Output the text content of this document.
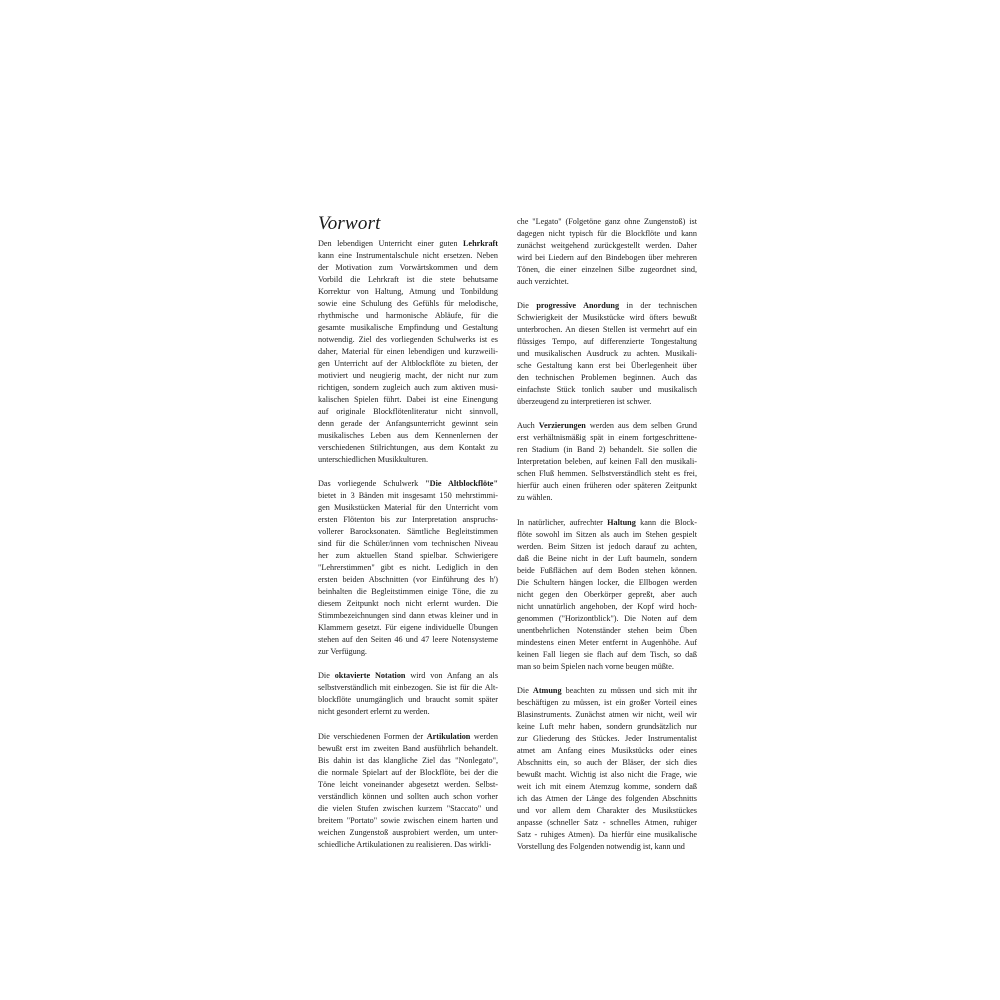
Vorwort
Den lebendigen Unterricht einer guten Lehrkraft
kann eine Instrumentalschule nicht ersetzen. Neben
der Motivation zum Vorwärtskommen und dem
Vorbild die Lehrkraft ist die stete behutsame
Korrektur von Haltung, Atmung und Tonbildung
sowie eine Schulung des Gefühls für melodische,
rhythmische und harmonische Abläufe, für die
gesamte musikalische Empfindung und Gestaltung
notwendig. Ziel des vorliegenden Schulwerks ist es
daher, Material für einen lebendigen und kurzweili-
gen Unterricht auf der Altblockflöte zu bieten, der
motiviert und neugierig macht, der nicht nur zum
richtigen, sondern zugleich auch zum aktiven musi-
kalischen Spielen führt. Dabei ist eine Einengung
auf originale Blockflötenliteratur nicht sinnvoll,
denn gerade der Anfangsunterricht gewinnt sein
musikalisches Leben aus dem Kennenlernen der
verschiedenen Stilrichtungen, aus dem Kontakt zu
unterschiedlichen Musikkulturen.
Das vorliegende Schulwerk "Die Altblockflöte"
bietet in 3 Bänden mit insgesamt 150 mehrstimmi-
gen Musikstücken Material für den Unterricht vom
ersten Flötenton bis zur Interpretation anspruchs-
vollerer Barocksonaten. Sämtliche Begleitstimmen
sind für die Schüler/innen vom technischen Niveau
her zum aktuellen Stand spielbar. Schwierigere
"Lehrerstimmen" gibt es nicht. Lediglich in den
ersten beiden Abschnitten (vor Einführung des h')
beinhalten die Begleitstimmen einige Töne, die zu
diesem Zeitpunkt noch nicht erlernt wurden. Die
Stimmbezeichnungen sind dann etwas kleiner und in
Klammern gesetzt. Für eigene individuelle Übungen
stehen auf den Seiten 46 und 47 leere Notensysteme
zur Verfügung.
Die oktavierte Notation wird von Anfang an als
selbstverständlich mit einbezogen. Sie ist für die Alt-
blockflöte unumgänglich und braucht somit später
nicht gesondert erlernt zu werden.
Die verschiedenen Formen der Artikulation werden
bewußt erst im zweiten Band ausführlich behandelt.
Bis dahin ist das klangliche Ziel das "Nonlegato",
die normale Spielart auf der Blockflöte, bei der die
Töne leicht voneinander abgesetzt werden. Selbst-
verständlich können und sollten auch schon vorher
die vielen Stufen zwischen kurzem "Staccato" und
breitem "Portato" sowie zwischen einem harten und
weichen Zungenstoß ausprobiert werden, um unter-
schiedliche Artikulationen zu realisieren. Das wirkli-
che "Legato" (Folgetöne ganz ohne Zungenstoß) ist
dagegen nicht typisch für die Blockflöte und kann
zunächst weitgehend zurückgestellt werden. Daher
wird bei Liedern auf den Bindebogen über mehreren
Tönen, die einer einzelnen Silbe zugeordnet sind,
auch verzichtet.
Die progressive Anordung in der technischen
Schwierigkeit der Musikstücke wird öfters bewußt
unterbrochen. An diesen Stellen ist vermehrt auf ein
flüssiges Tempo, auf differenzierte Tongestaltung
und musikalischen Ausdruck zu achten. Musikali-
sche Gestaltung kann erst bei Überlegenheit über
den technischen Problemen beginnen. Auch das
einfachste Stück tonlich sauber und musikalisch
überzeugend zu interpretieren ist schwer.
Auch Verzierungen werden aus dem selben Grund
erst verhältnismäßig spät in einem fortgeschrittene-
ren Stadium (in Band 2) behandelt. Sie sollen die
Interpretation beleben, auf keinen Fall den musikali-
schen Fluß hemmen. Selbstverständlich steht es frei,
hierfür auch einen früheren oder späteren Zeitpunkt
zu wählen.
In natürlicher, aufrechter Haltung kann die Block-
flöte sowohl im Sitzen als auch im Stehen gespielt
werden. Beim Sitzen ist jedoch darauf zu achten,
daß die Beine nicht in der Luft baumeln, sondern
beide Fußflächen auf dem Boden stehen können.
Die Schultern hängen locker, die Ellbogen werden
nicht gegen den Oberkörper gepreßt, aber auch
nicht unnatürlich angehoben, der Kopf wird hoch-
genommen ("Horizontblick"). Die Noten auf dem
unentbehrlichen Notenständer stehen beim Üben
mindestens einen Meter entfernt in Augenhöhe. Auf
keinen Fall liegen sie flach auf dem Tisch, so daß
man so beim Spielen nach vorne beugen müßte.
Die Atmung beachten zu müssen und sich mit ihr
beschäftigen zu müssen, ist ein großer Vorteil eines
Blasinstruments. Zunächst atmen wir nicht, weil wir
keine Luft mehr haben, sondern grundsätzlich nur
zur Gliederung des Stückes. Jeder Instrumentalist
atmet am Anfang eines Musikstücks oder eines
Abschnitts ein, so auch der Bläser, der sich dies
bewußt macht. Wichtig ist also nicht die Frage, wie
weit ich mit einem Atemzug komme, sondern daß
ich das Atmen der Länge des folgenden Abschnitts
und vor allem dem Charakter des Musikstückes
anpasse (schneller Satz - schnelles Atmen, ruhiger
Satz - ruhiges Atmen). Da hierfür eine musikalische
Vorstellung des Folgenden notwendig ist, kann und
